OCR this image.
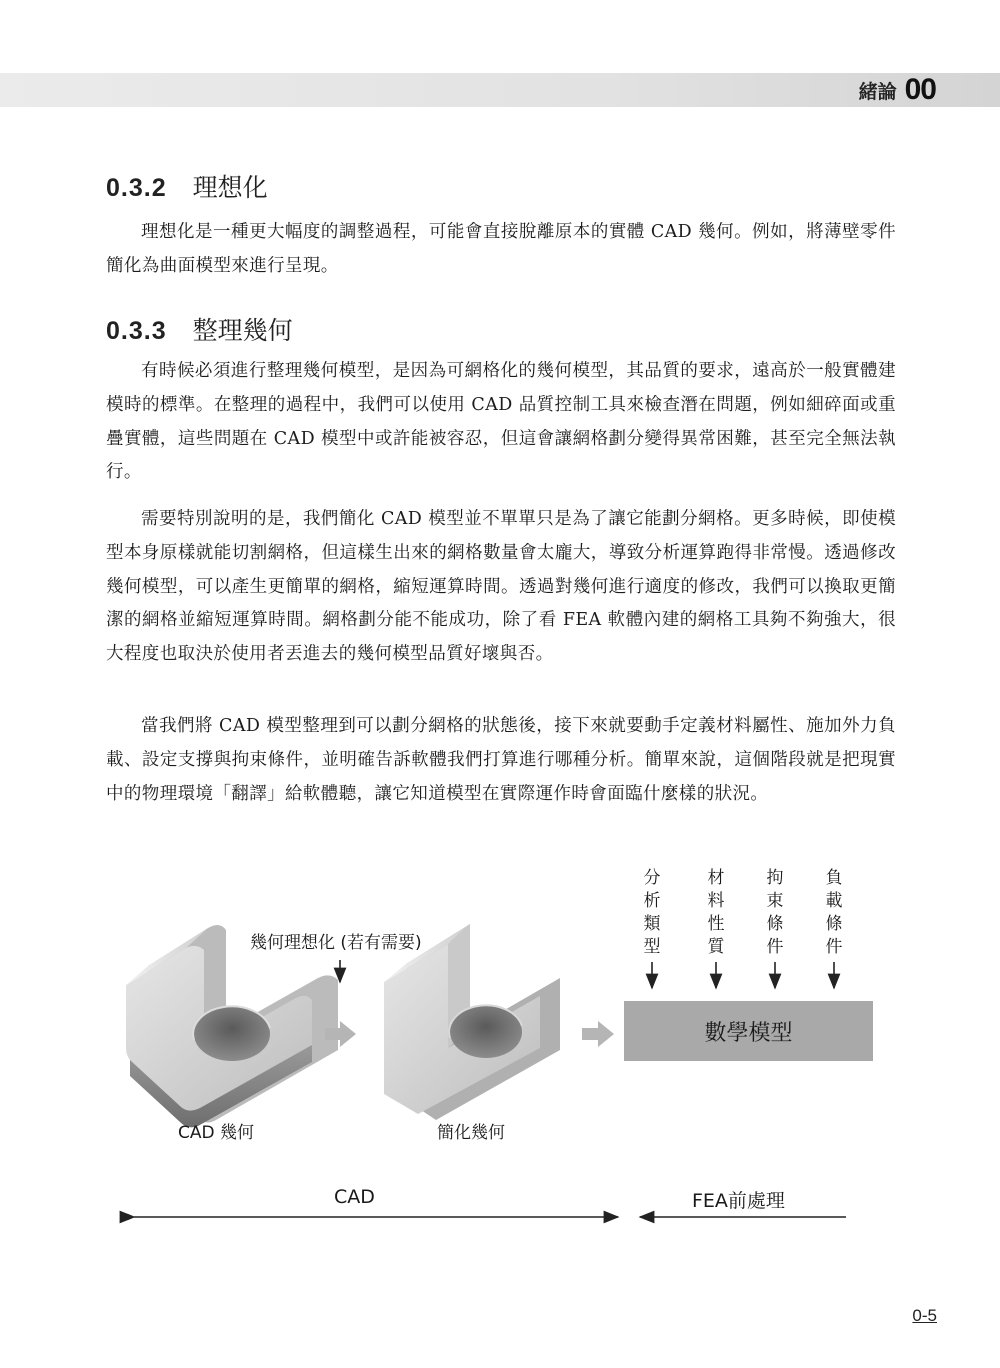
緒論 00
0.3.2 理想化

理想化是一種更大幅度的調整過程，可能會直接脫離原本的實體 CAD 幾何。例如，將薄壁零件簡化為曲面模型來進行呈現。

0.3.3 整理幾何

有時候必須進行整理幾何模型，是因為可網格化的幾何模型，其品質的要求，遠高於一般實體建模時的標準。在整理的過程中，我們可以使用 CAD 品質控制工具來檢查潛在問題，例如細碎面或重疊實體，這些問題在 CAD 模型中或許能被容忍，但這會讓網格劃分變得異常困難，甚至完全無法執行。

需要特別說明的是，我們簡化 CAD 模型並不單單只是為了讓它能劃分網格。更多時候，即使模型本身原樣就能切割網格，但這樣生出來的網格數量會太龐大，導致分析運算跑得非常慢。透過修改幾何模型，可以產生更簡單的網格，縮短運算時間。透過對幾何進行適度的修改，我們可以換取更簡潔的網格並縮短運算時間。網格劃分能不能成功，除了看 FEA 軟體內建的網格工具夠不夠強大，很大程度也取決於使用者丟進去的幾何模型品質好壞與否。

當我們將 CAD 模型整理到可以劃分網格的狀態後，接下來就要動手定義材料屬性、施加外力負載、設定支撐與拘束條件，並明確告訴軟體我們打算進行哪種分析。簡單來說，這個階段就是把現實中的物理環境「翻譯」給軟體聽，讓它知道模型在實際運作時會面臨什麼樣的狀況。

幾何理想化 (若有需要)
分析類型
材料性質
拘束條件
負載條件
數學模型
CAD 幾何	簡化幾何
CAD	FEA前處理
0-5
